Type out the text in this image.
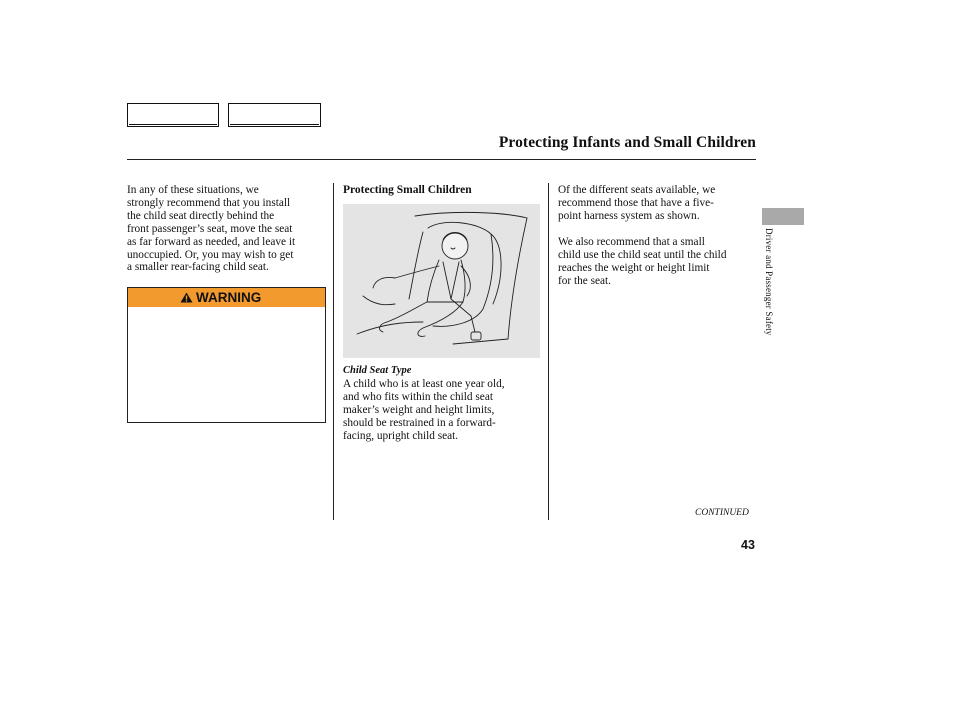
Protecting Infants and Small Children
In any of these situations, we
strongly recommend that you install
the child seat directly behind the
front passenger’s seat, move the seat
as far forward as needed, and leave it
unoccupied. Or, you may wish to get
a smaller rear-facing child seat.
WARNING
Protecting Small Children
Child Seat Type
A child who is at least one year old,
and who fits within the child seat
maker’s weight and height limits,
should be restrained in a forward-
facing, upright child seat.
Of the different seats available, we
recommend those that have a five-
point harness system as shown.
We also recommend that a small
child use the child seat until the child
reaches the weight or height limit
for the seat.
CONTINUED
43
Driver and Passenger Safety
